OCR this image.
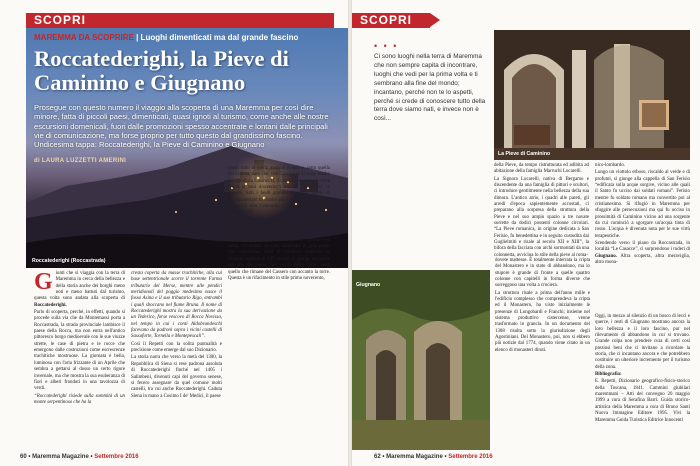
SCOPRI
MAREMMA DA SCOPRIRE | Luoghi dimenticati ma dal grande fascino
Roccatederighi, la Pieve di Caminino e Giugnano
Prosegue con questo numero il viaggio alla scoperta di una Maremma per così dire minore, fatta di piccoli paesi, dimenticati, quasi ignoti al turismo, come anche alle nostre escursioni domenicali, fuori dalle promozioni spesso accentrate e lontani dalle principali vie di comunicazione, ma forse proprio per tutto questo dal grandissimo fascino. Undicesima tappa: Roccatederighi, la Pieve di Caminino e Giugnano
di LAURA LUZZETTI AMERINI
Roccatederighi (Roccastrada)

Giunti che si viaggia con la terra di Maremma in cerca della bellezza e della storia anche dei borghi meno noti e meno battuti dal turismo, questa volta sono andata alla scoperta di Roccatederighi.

Parlo di scoperta, perché, in effetti, quando si procede sulla via che da Montemassi porta a Roccastrada, la strada provinciale lambisce il paese della Rocca, ma non entra nell'antico pittoresco borgo medioevale con le sue viuzze strette, le case di pietra e le rocce che emergono dalle costruzioni come escrescenze trachitiche mostruose. La giornata è bella, luminosa con l'aria frizzante di un Aprile che sembra a gettarsi al dosso un certo rigore invernale, ma che mostra la sua esuberanza di fiori e alberi fronduti in una tavolozza di verdi.

“Roccatederighi risiede sulla sommità di un monte serpentinoso che ha la

cresta coperta da masse trachitiche, alla cui base settentrionale scorre il torrente Farma tributario del Merse, mentre alle pendici meridionali del poggio medesimo nasce il fosso Asina e il suo tributario Rigo, entrambi i quali sboccano nel fiume Bruna. Il nome di Roccatederighi mostra la sua derivazione da un Tederico, forse vescovo di Rocca Novissa, nel tempo in cui i conti Aldobrandeschi facevano da padroni sopra i vicini castelli di Sassoforte, Tornella e Montepescali”.

Così il Repetti con la solita puntualità e precisione come emerge dal suo Dizionario.

La storia narra che verso la metà del 1300, la Repubblica di Siena si rese padrona assoluta di Roccatederighi finché nel 1405 i Salimbeni, divenuti capi del governo senese, si fecero assegnare da quel comune molti castelli, tra cui anche Roccatederighi. Caduta Siena in mano a Cosimo I de' Medici, il paese

passò tutto in guida medicei e, infine, sotto quella dei Lorena, dato che, con Cristina di Lorena, madre del granduca Cosimo II, il castello era passato come feudo ai suoi discendenti maschi. “Annullati, in seguito, tutti i feudi granducali, anche quello di Roccatederighi fu riunito alla Corona Italiana che lo incorporò alla Comunità e alla giurisdizione di Roccastrada”.

Una porta d'accesso con conci di pietra squadrata con arco senese, introduce nel borgo medioevale ove si conservano tracce di mura di cinta.

Camminando su un selciato di pietra, ristretto e in salita, circondato da case, disabitate in gran parte, che conservano tratti di murature originale in filaretto risalenti al XIV secolo, si giunge alla parte più alta del paese. Nel vicolo della Torre, vedo quello che rimane del Cassero con accanto la torre. Questa è un rifacimento in stile primo novecento,

60 • Maremma Magazine • Settembre 2016
SCOPRI
• • •
Ci sono luoghi nella terra di Maremma che non sempre capita di incontrare, luoghi che vedi per la prima volta e ti sembrano alla fine del mondo; incantano, perché non te lo aspetti, perché si crede di conoscere tutto della terra dove siamo nati, e invece non è così...
La Pieve di Caminino

della Pieve, da tempo ristrutturata ed adibita ad abitazione della famiglia Marruchi Lucarelli.

La Signora Lucarelli, nativa di Bergamo e discendente da una famiglia di pittori e scultori, ci introduce gentilmente nella bellezza della sua dimora. L'antico atrio, i quadri alle pareti, gli arredi d'epoca sapientemente accostati, ci preparano alla sorpresa della struttura della Pieve e nel suo ampio spazio a tre navate sorrette da dodici possenti colonne circolari. “La Pieve romanica, in origine dedicata a San Ferisio, fu benedettina e in seguito custodita dai Guglielmiti e risale al secolo XII e XIII”, la bifora della facciata con archi sormontati da una colonnetta, avvicina lo stile della pieve al roma-

nico-lombardo.

Lungo un viottolo erboso, riscaldo al verde e di profumi, si giunge alla cappella di San Ferisio “edificata sulla acque sorgive, vicino alle quali il Santo fu ucciso dai soldati romani”. Ferisio mentre fu soldato romano ma convertito poi al cristianesimo. Si rifugiò in Maremma per sfuggire alle persecuzioni ma qui fu ucciso in prossimità di Caminino vicino ad una sorgente da cui cominciò a sgorgare un'acqua tinta di rosso. L'acqua è divenuta nota per le sue virtù terapeutiche.

Scendendo verso il piano da Roccastrada, in località “Le Casacce”, ci sorprendono i ruderi di Giugnano. Altra scoperta, altra meraviglia, altro mona-

Giugnano

dovete mattesse. È totalmente interrata la cripta del Monastero e in stato di abbandono, ma lo stupore è grande di fronte a quelle quattro colonne con capitelli in forma diverse che sorreggono una volta a crociera.

La struttura risale a prima dell'anno mille e l'edificio complesso che comprendeva la cripta ed il Monastero, ha visto inizialmente le presenze di Longobardi e Franchi; insieme nel sistema produttivo cistercense, venne trasformato in grancia. In un documento del 1308 risulta sotto la giurisdizione degli Agostiniani. Del Monastero, poi, non si ebbero più notizie dal 1774, quando viene citato in un elenco di monasteri diruti.

Oggi, in mezzo al silenzio di un bosco di lecci e querce, i resti di Giugnano mostrano ancora la loro bellezza e il loro fascino, pur nel rilevamento di abbandono in cui si trovano. Grande colpa non prendere cura di certi così preziosi beni che ci invitano a ricordare la storia, che ci incantano ancora e che potrebbero costituire un ulteriore incremento per il turismo della zona.

Bibliografia:

E. Repetti, Dizionario geografico-fisico-storico della Toscana, 1841. Cammini giubilari maremmani – Atti del convegno 20 maggio 1999 a cura di Serafina Barrì. Guida storico-artistica della Maremma a cura di Bruno Santi Nuova Immagine Editore 1995. Vivi la Maremma Guida Turistica Editrice Innocenti

62 • Maremma Magazine • Settembre 2016
